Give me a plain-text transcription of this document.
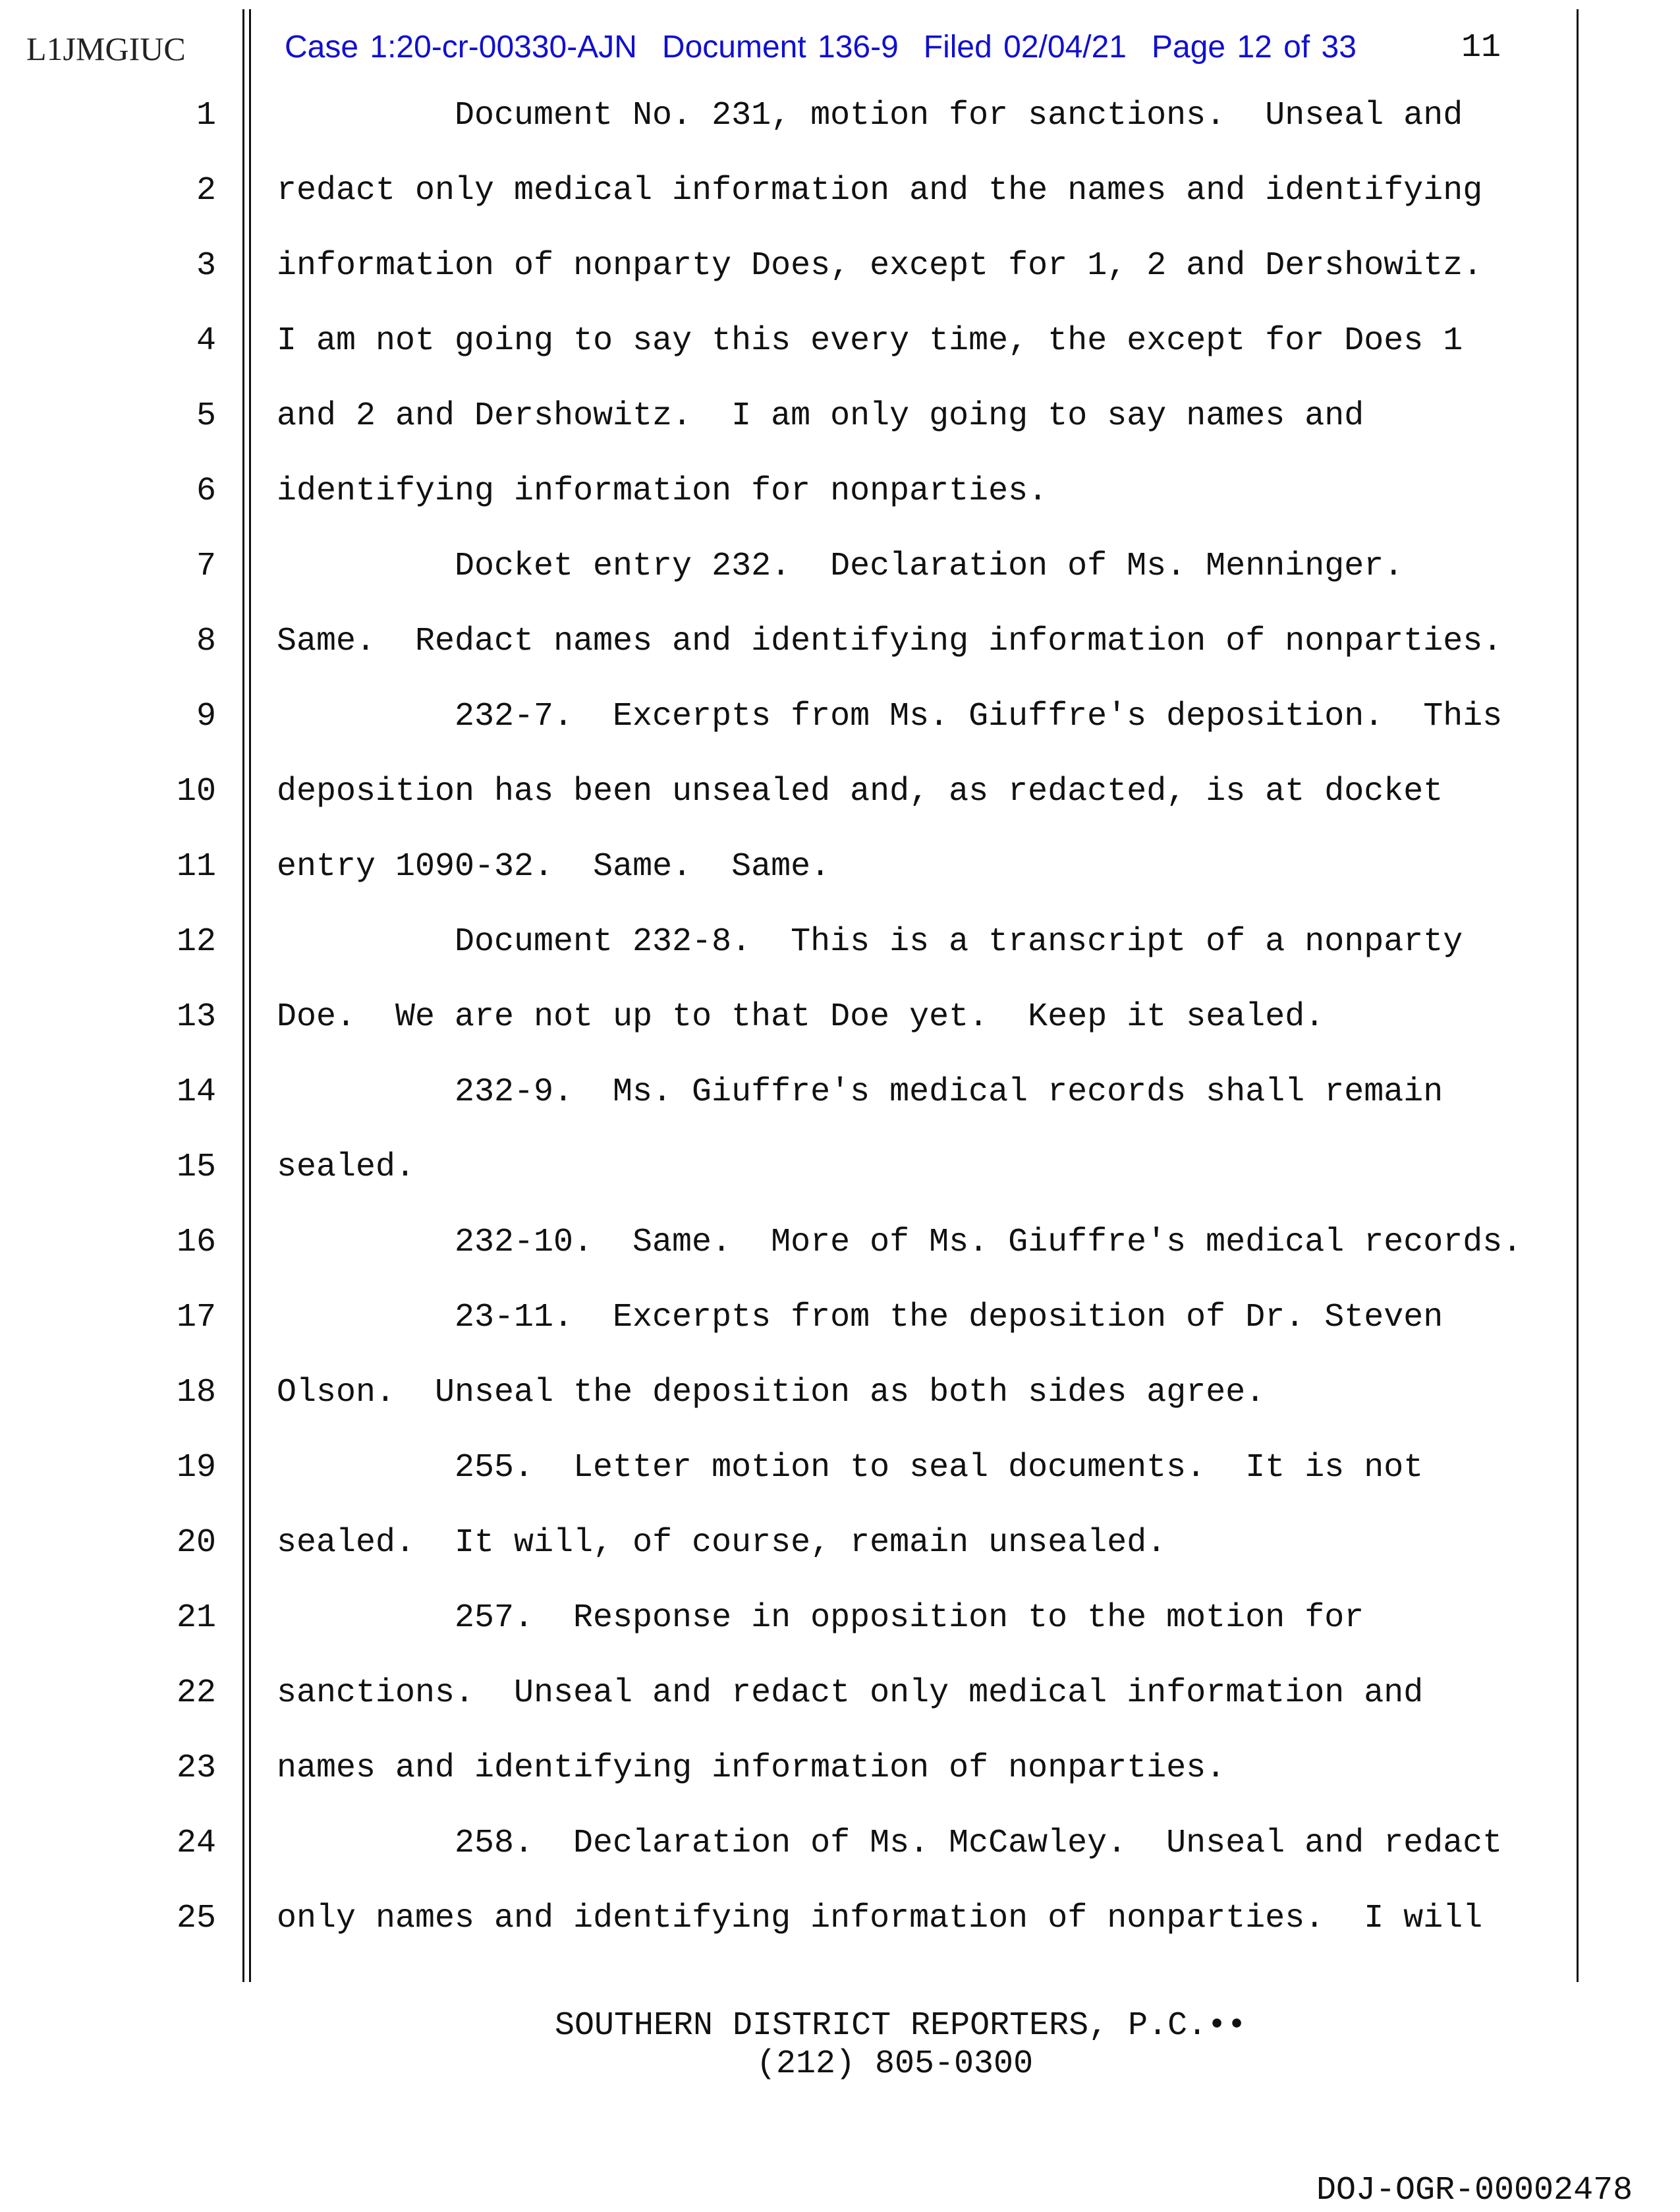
L1JMGIUC	Case 1:20-cr-00330-AJN Document 136-9 Filed 02/04/21 Page 12 of 33	11
1	Document No. 231, motion for sanctions.  Unseal and
2 redact only medical information and the names and identifying
3 information of nonparty Does, except for 1, 2 and Dershowitz.
4 I am not going to say this every time, the except for Does 1
5 and 2 and Dershowitz.  I am only going to say names and
6 identifying information for nonparties.
7	Docket entry 232.  Declaration of Ms. Menninger.
8 Same.  Redact names and identifying information of nonparties.
9	232-7.  Excerpts from Ms. Giuffre's deposition.  This
10 deposition has been unsealed and, as redacted, is at docket
11 entry 1090-32.  Same.  Same.
12	Document 232-8.  This is a transcript of a nonparty
13 Doe.  We are not up to that Doe yet.  Keep it sealed.
14	232-9.  Ms. Giuffre's medical records shall remain
15 sealed.
16	232-10.  Same.  More of Ms. Giuffre's medical records.
17	23-11.  Excerpts from the deposition of Dr. Steven
18 Olson.  Unseal the deposition as both sides agree.
19	255.  Letter motion to seal documents.  It is not
20 sealed.  It will, of course, remain unsealed.
21	257.  Response in opposition to the motion for
22 sanctions.  Unseal and redact only medical information and
23 names and identifying information of nonparties.
24	258.  Declaration of Ms. McCawley.  Unseal and redact
25 only names and identifying information of nonparties.  I will
SOUTHERN DISTRICT REPORTERS, P.C.••
(212) 805-0300
DOJ-OGR-00002478
